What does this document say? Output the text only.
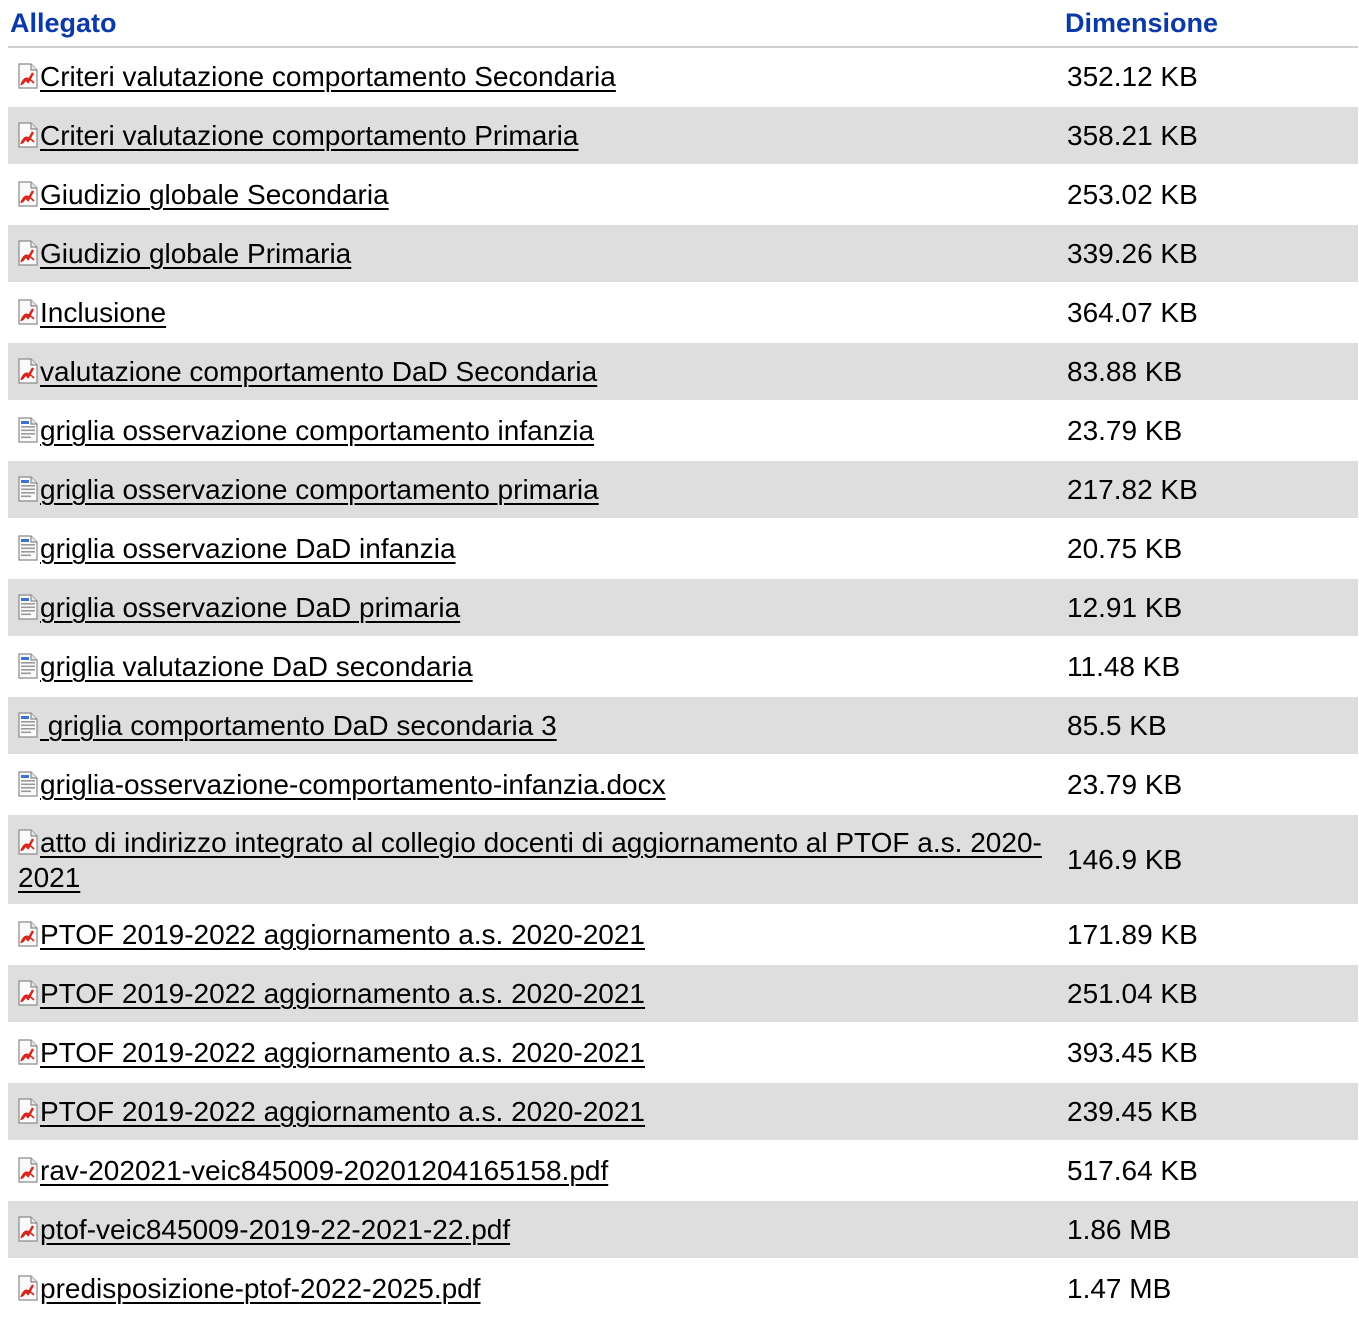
Allegato	Dimensione

Criteri valutazione comportamento Secondaria	352.12 KB

Criteri valutazione comportamento Primaria	358.21 KB

Giudizio globale Secondaria	253.02 KB

Giudizio globale Primaria	339.26 KB

Inclusione	364.07 KB

valutazione comportamento DaD Secondaria	83.88 KB

griglia osservazione comportamento infanzia	23.79 KB

griglia osservazione comportamento primaria	217.82 KB

griglia osservazione DaD infanzia	20.75 KB

griglia osservazione DaD primaria	12.91 KB

griglia valutazione DaD secondaria	11.48 KB

griglia comportamento DaD secondaria 3	85.5 KB

griglia-osservazione-comportamento-infanzia.docx	23.79 KB

atto di indirizzo integrato al collegio docenti di aggiornamento al PTOF a.s. 2020-2021	146.9 KB

PTOF 2019-2022 aggiornamento a.s. 2020-2021	171.89 KB

PTOF 2019-2022 aggiornamento a.s. 2020-2021	251.04 KB

PTOF 2019-2022 aggiornamento a.s. 2020-2021	393.45 KB

PTOF 2019-2022 aggiornamento a.s. 2020-2021	239.45 KB

rav-202021-veic845009-20201204165158.pdf	517.64 KB

ptof-veic845009-2019-22-2021-22.pdf	1.86 MB

predisposizione-ptof-2022-2025.pdf	1.47 MB
